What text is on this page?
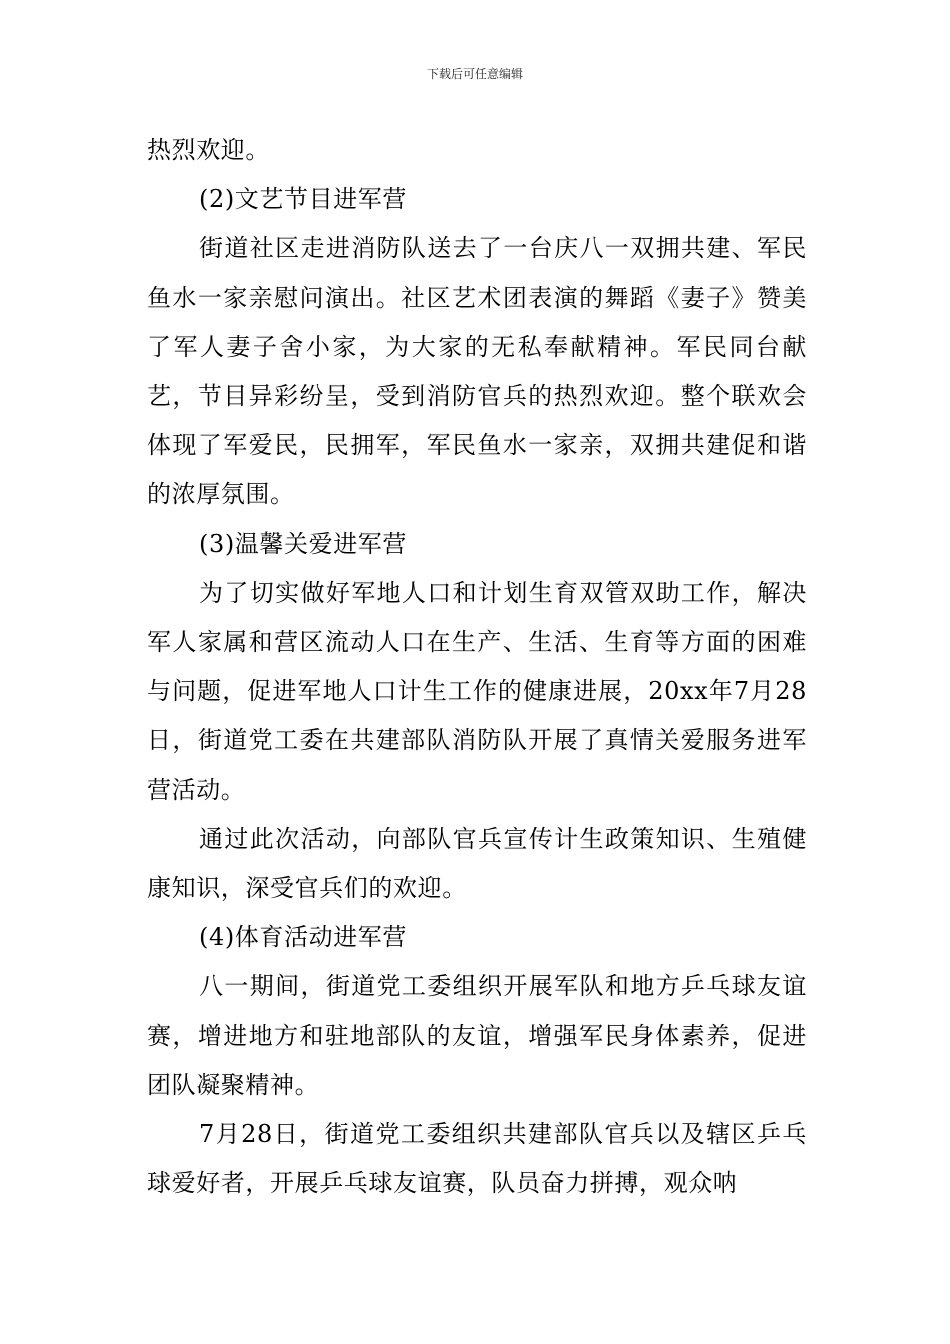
下载后可任意编辑

热烈欢迎。

(2)文艺节目进军营

街道社区走进消防队送去了一台庆八一双拥共建、军民鱼水一家亲慰问演出。社区艺术团表演的舞蹈《妻子》赞美了军人妻子舍小家，为大家的无私奉献精神。军民同台献艺，节目异彩纷呈，受到消防官兵的热烈欢迎。整个联欢会体现了军爱民，民拥军，军民鱼水一家亲，双拥共建促和谐的浓厚氛围。

(3)温馨关爱进军营

为了切实做好军地人口和计划生育双管双助工作，解决军人家属和营区流动人口在生产、生活、生育等方面的困难与问题，促进军地人口计生工作的健康进展，20xx年7月28日，街道党工委在共建部队消防队开展了真情关爱服务进军营活动。

通过此次活动，向部队官兵宣传计生政策知识、生殖健康知识，深受官兵们的欢迎。

(4)体育活动进军营

八一期间，街道党工委组织开展军队和地方乒乓球友谊赛，增进地方和驻地部队的友谊，增强军民身体素养，促进团队凝聚精神。

7月28日，街道党工委组织共建部队官兵以及辖区乒乓球爱好者，开展乒乓球友谊赛，队员奋力拼搏，观众呐
